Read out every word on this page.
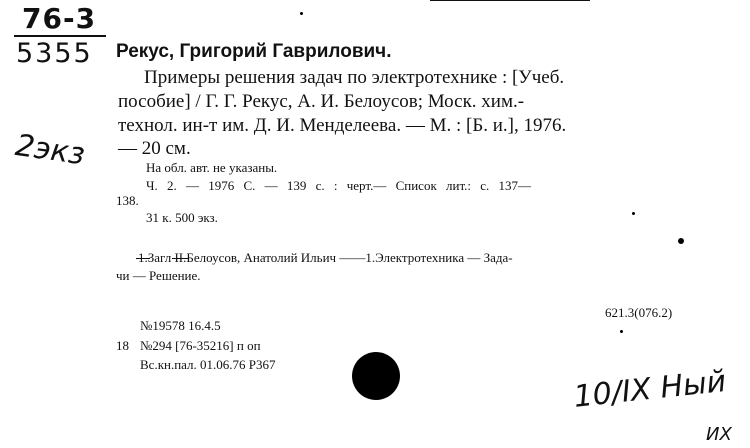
76-3
5355
2экз
Рекус, Григорий Гаврилович.
Примеры решения задач по электротехнике : [Учеб.
пособие] / Г. Г. Рекус, А. И. Белоусов; Моск. хим.-
технол. ин-т им. Д. И. Менделеева. — М. : [Б. и.], 1976.
— 20 см.
На обл. авт. не указаны.
Ч. 2. — 1976 С. — 139 с. : черт.— Список лит.: с. 137—
138.
31 к. 500 экз.
1.Загл II.Белоусов, Анатолий Ильич ——1.Электротехника — Зада-
чи — Решение.
621.3(076.2)
№19578 16.4.5
18 №294 [76-35216] п оп
Вс.кн.пал. 01.06.76 Р367	10/IX Ный
ИХ
